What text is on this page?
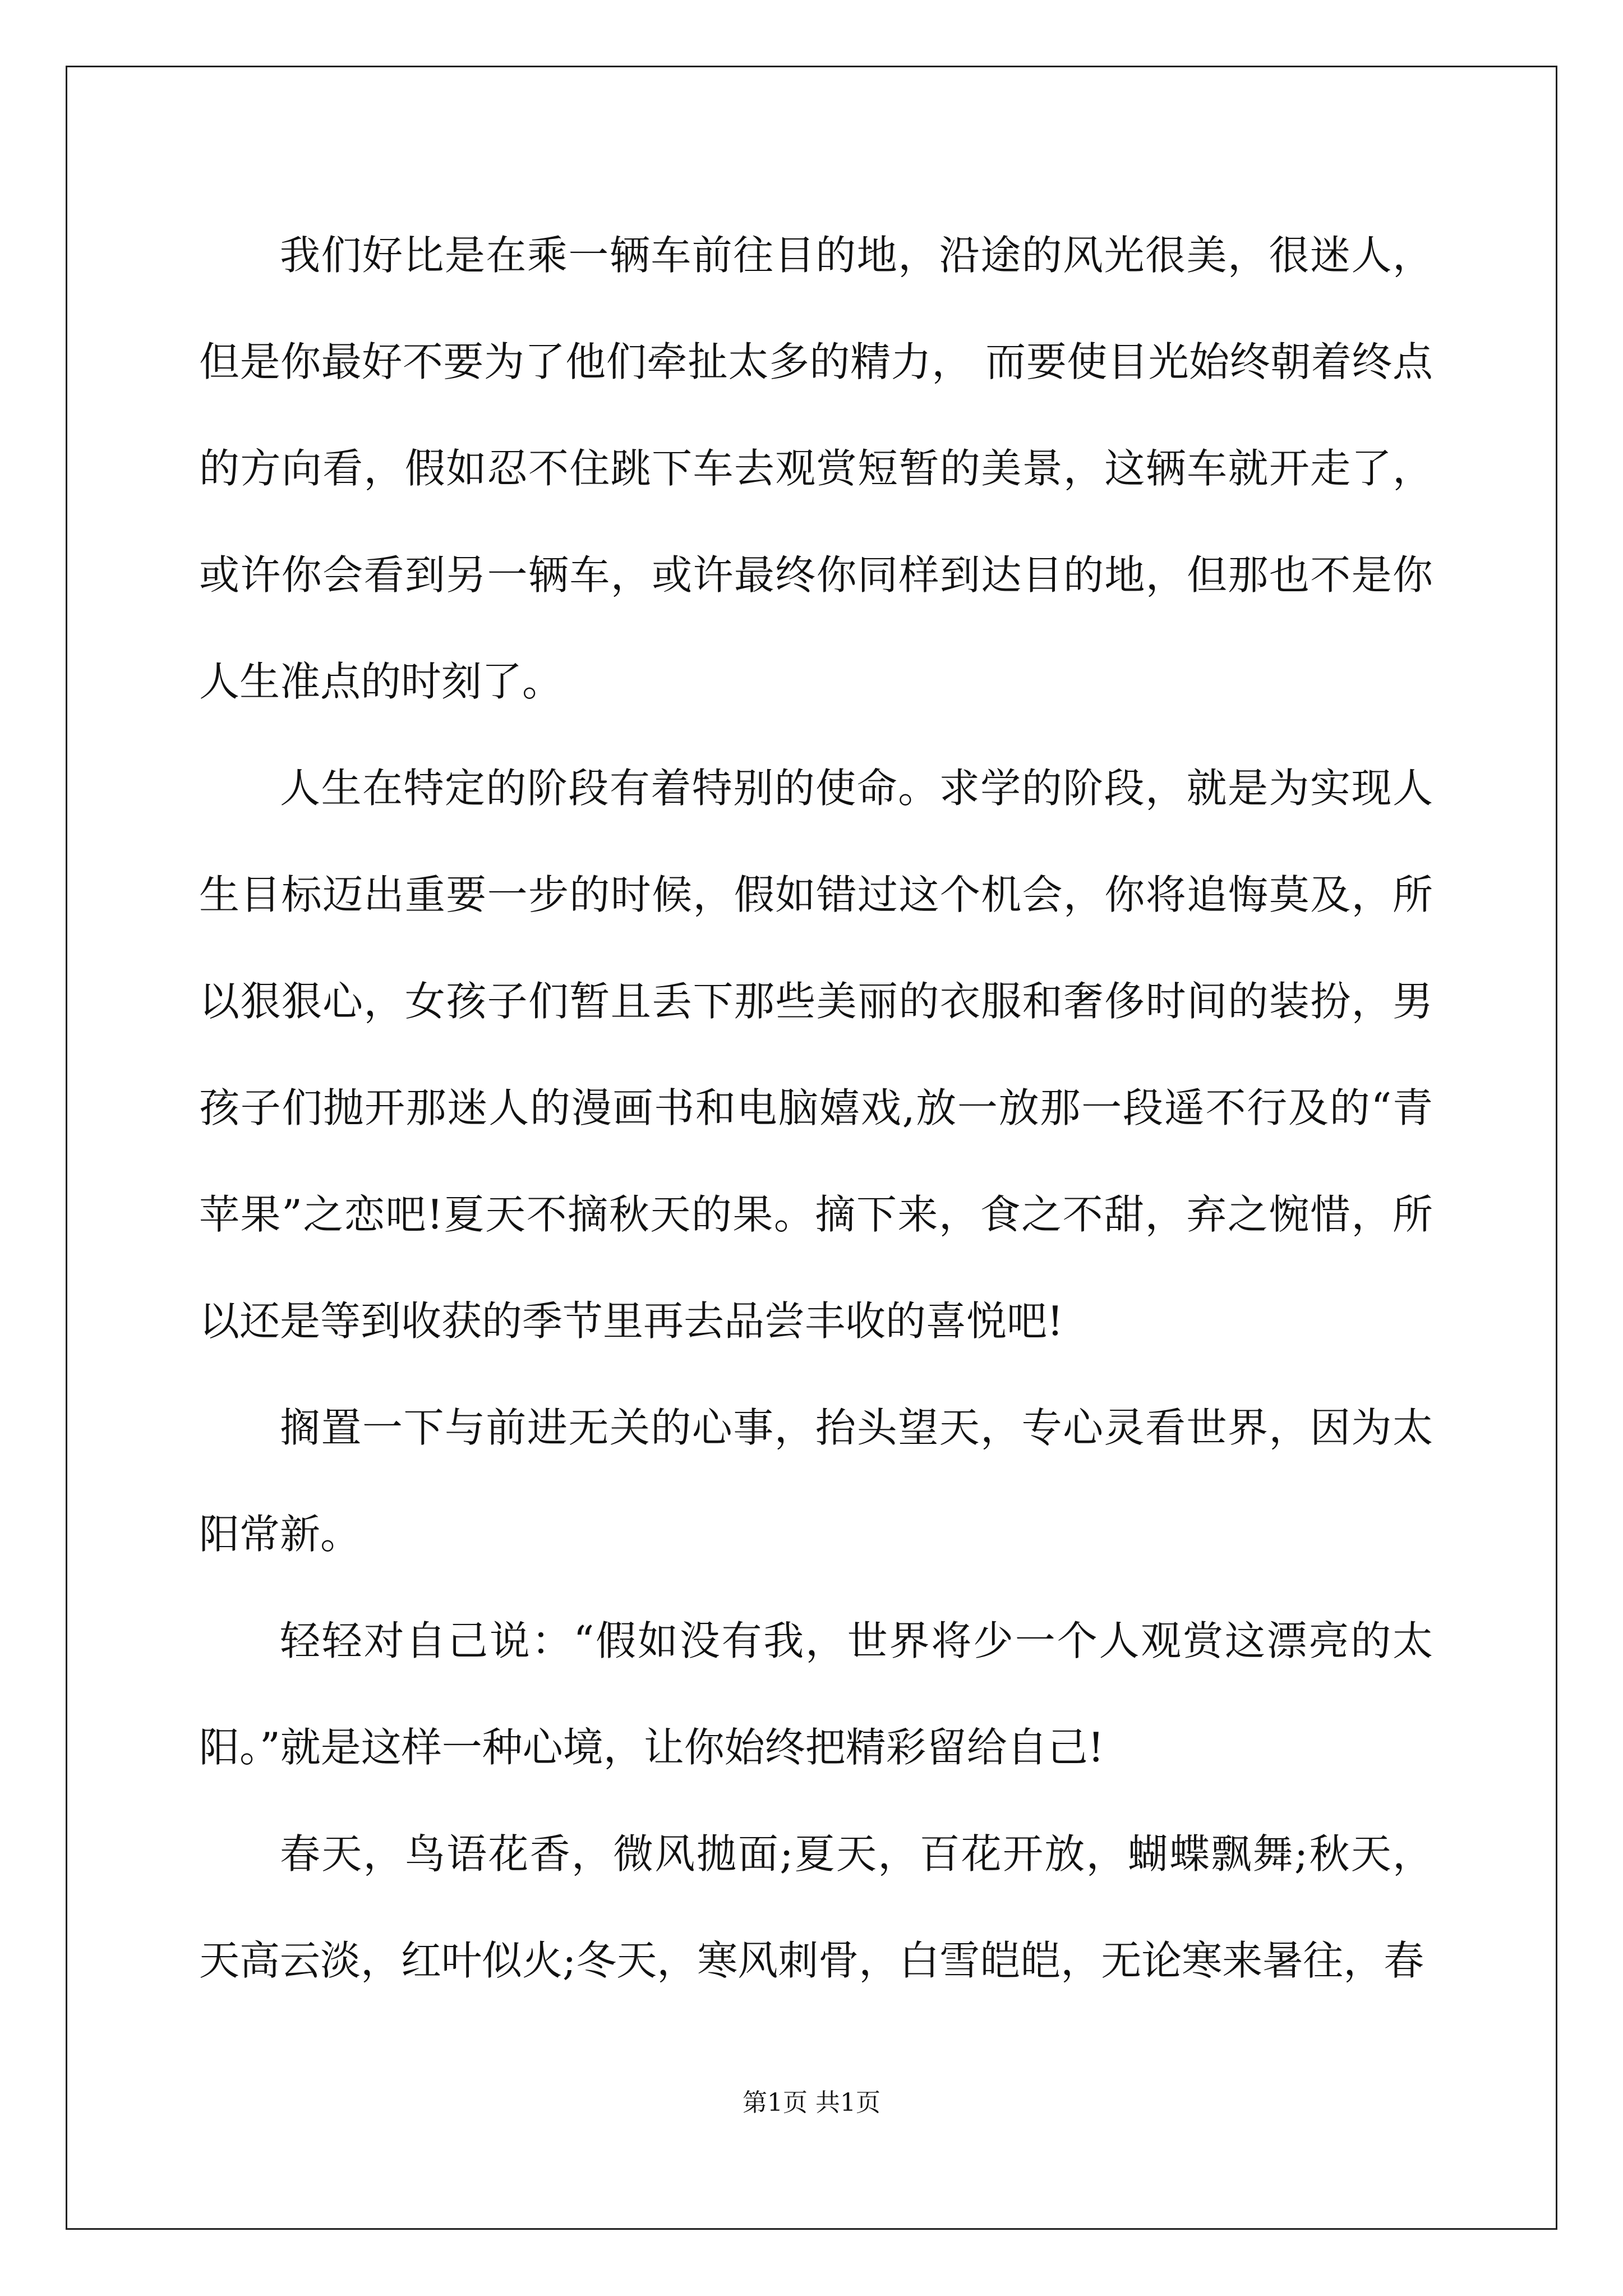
我们好比是在乘一辆车前往目的地，沿途的风光很美，很迷人，但是你最好不要为了他们牵扯太多的精力， 而要使目光始终朝着终点的方向看，假如忍不住跳下车去观赏短暂的美景，这辆车就开走了，或许你会看到另一辆车，或许最终你同样到达目的地，但那也不是你人生准点的时刻了。

人生在特定的阶段有着特别的使命。求学的阶段，就是为实现人生目标迈出重要一步的时候，假如错过这个机会，你将追悔莫及，所以狠狠心，女孩子们暂且丢下那些美丽的衣服和奢侈时间的装扮，男孩子们抛开那迷人的漫画书和电脑嬉戏,放一放那一段遥不行及的“青苹果”之恋吧!夏天不摘秋天的果。摘下来，食之不甜，弃之惋惜，所以还是等到收获的季节里再去品尝丰收的喜悦吧!

搁置一下与前进无关的心事，抬头望天，专心灵看世界，因为太阳常新。

轻轻对自己说：“假如没有我，世界将少一个人观赏这漂亮的太阳。”就是这样一种心境，让你始终把精彩留给自己!

春天，鸟语花香，微风拋面;夏天，百花开放，蝴蝶飘舞;秋天，天高云淡，红叶似火;冬天，寒风刺骨，白雪皑皑，无论寒来暑往，春

第1页 共1页
